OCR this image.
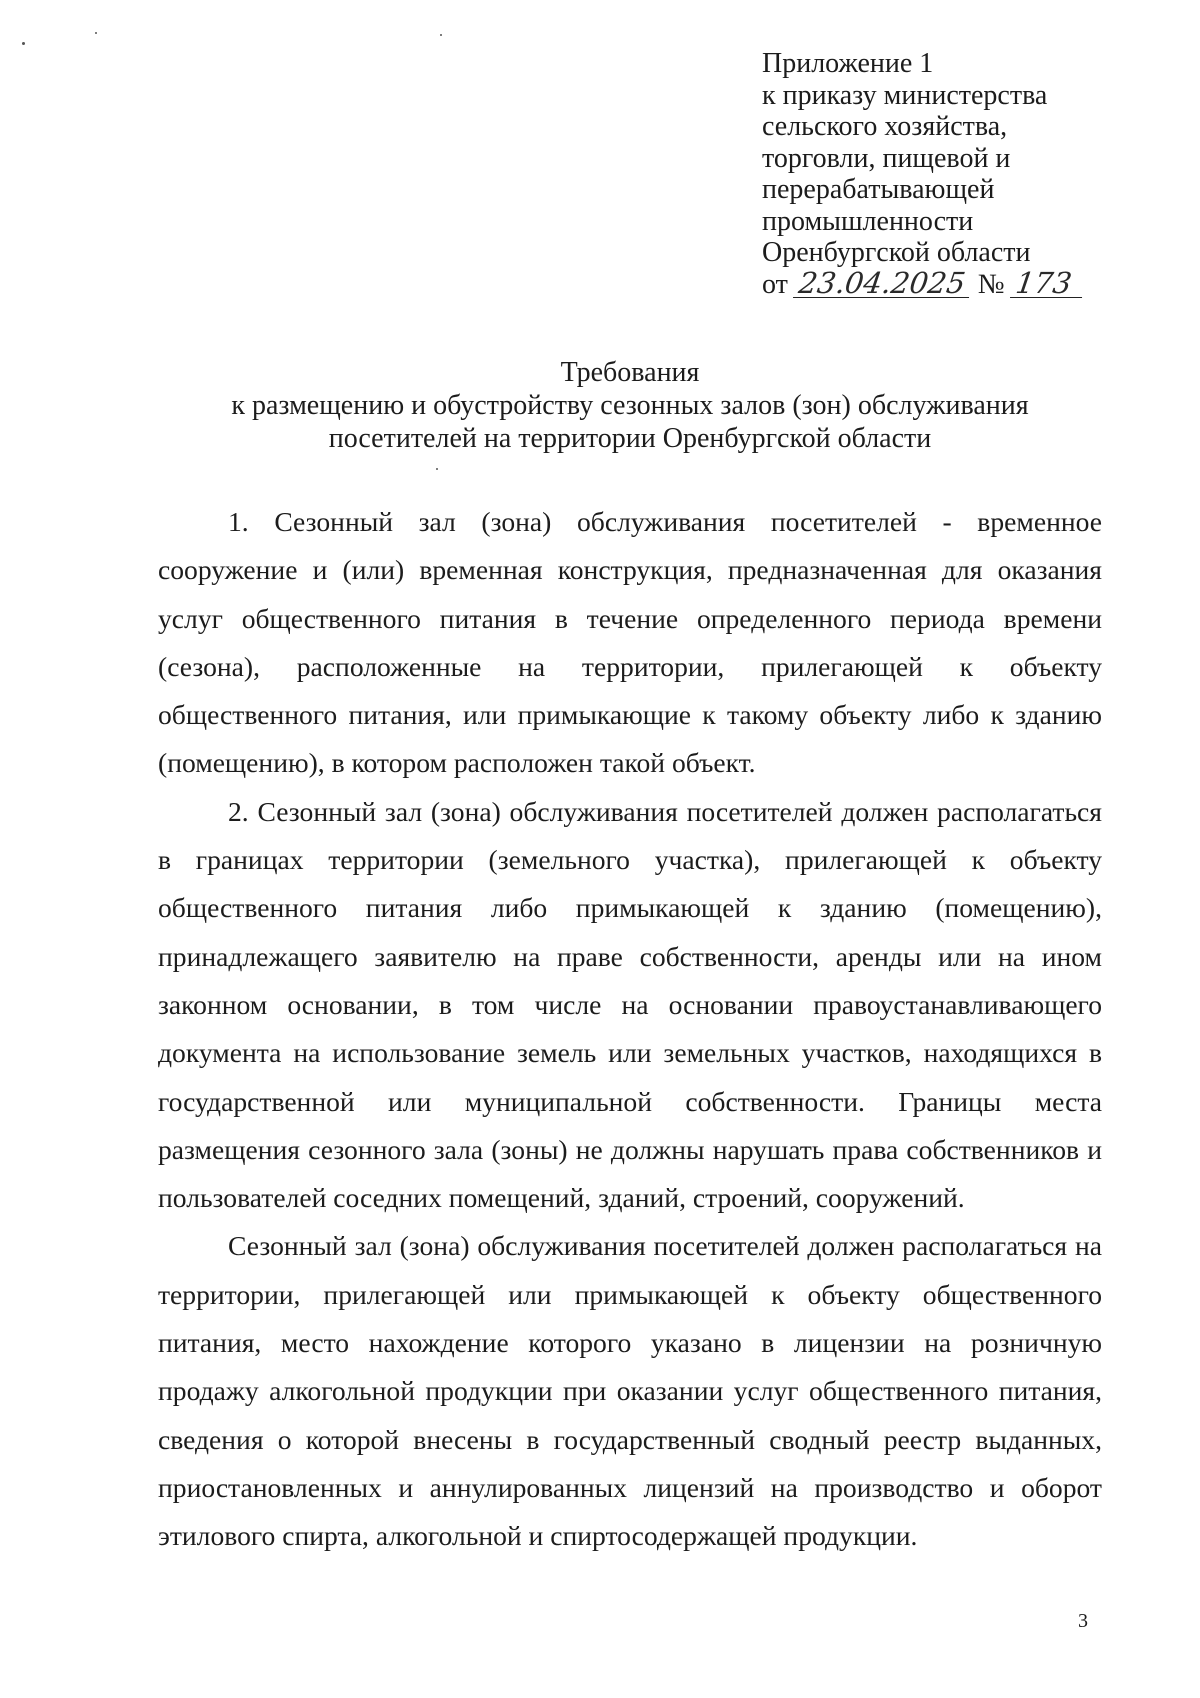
Приложение 1
к приказу министерства
сельского хозяйства,
торговли, пищевой и
перерабатывающей
промышленности
Оренбургской области
от 23.04.2025 № 173
Требования
к размещению и обустройству сезонных залов (зон) обслуживания
посетителей на территории Оренбургской области

1. Сезонный зал (зона) обслуживания посетителей - временное сооружение и (или) временная конструкция, предназначенная для оказания услуг общественного питания в течение определенного периода времени (сезона), расположенные на территории, прилегающей к объекту общественного питания, или примыкающие к такому объекту либо к зданию (помещению), в котором расположен такой объект.

2. Сезонный зал (зона) обслуживания посетителей должен располагаться в границах территории (земельного участка), прилегающей к объекту общественного питания либо примыкающей к зданию (помещению), принадлежащего заявителю на праве собственности, аренды или на ином законном основании, в том числе на основании правоустанавливающего документа на использование земель или земельных участков, находящихся в государственной или муниципальной собственности. Границы места размещения сезонного зала (зоны) не должны нарушать права собственников и пользователей соседних помещений, зданий, строений, сооружений.

Сезонный зал (зона) обслуживания посетителей должен располагаться на территории, прилегающей или примыкающей к объекту общественного питания, место нахождение которого указано в лицензии на розничную продажу алкогольной продукции при оказании услуг общественного питания, сведения о которой внесены в государственный сводный реестр выданных, приостановленных и аннулированных лицензий на производство и оборот этилового спирта, алкогольной и спиртосодержащей продукции.

3
